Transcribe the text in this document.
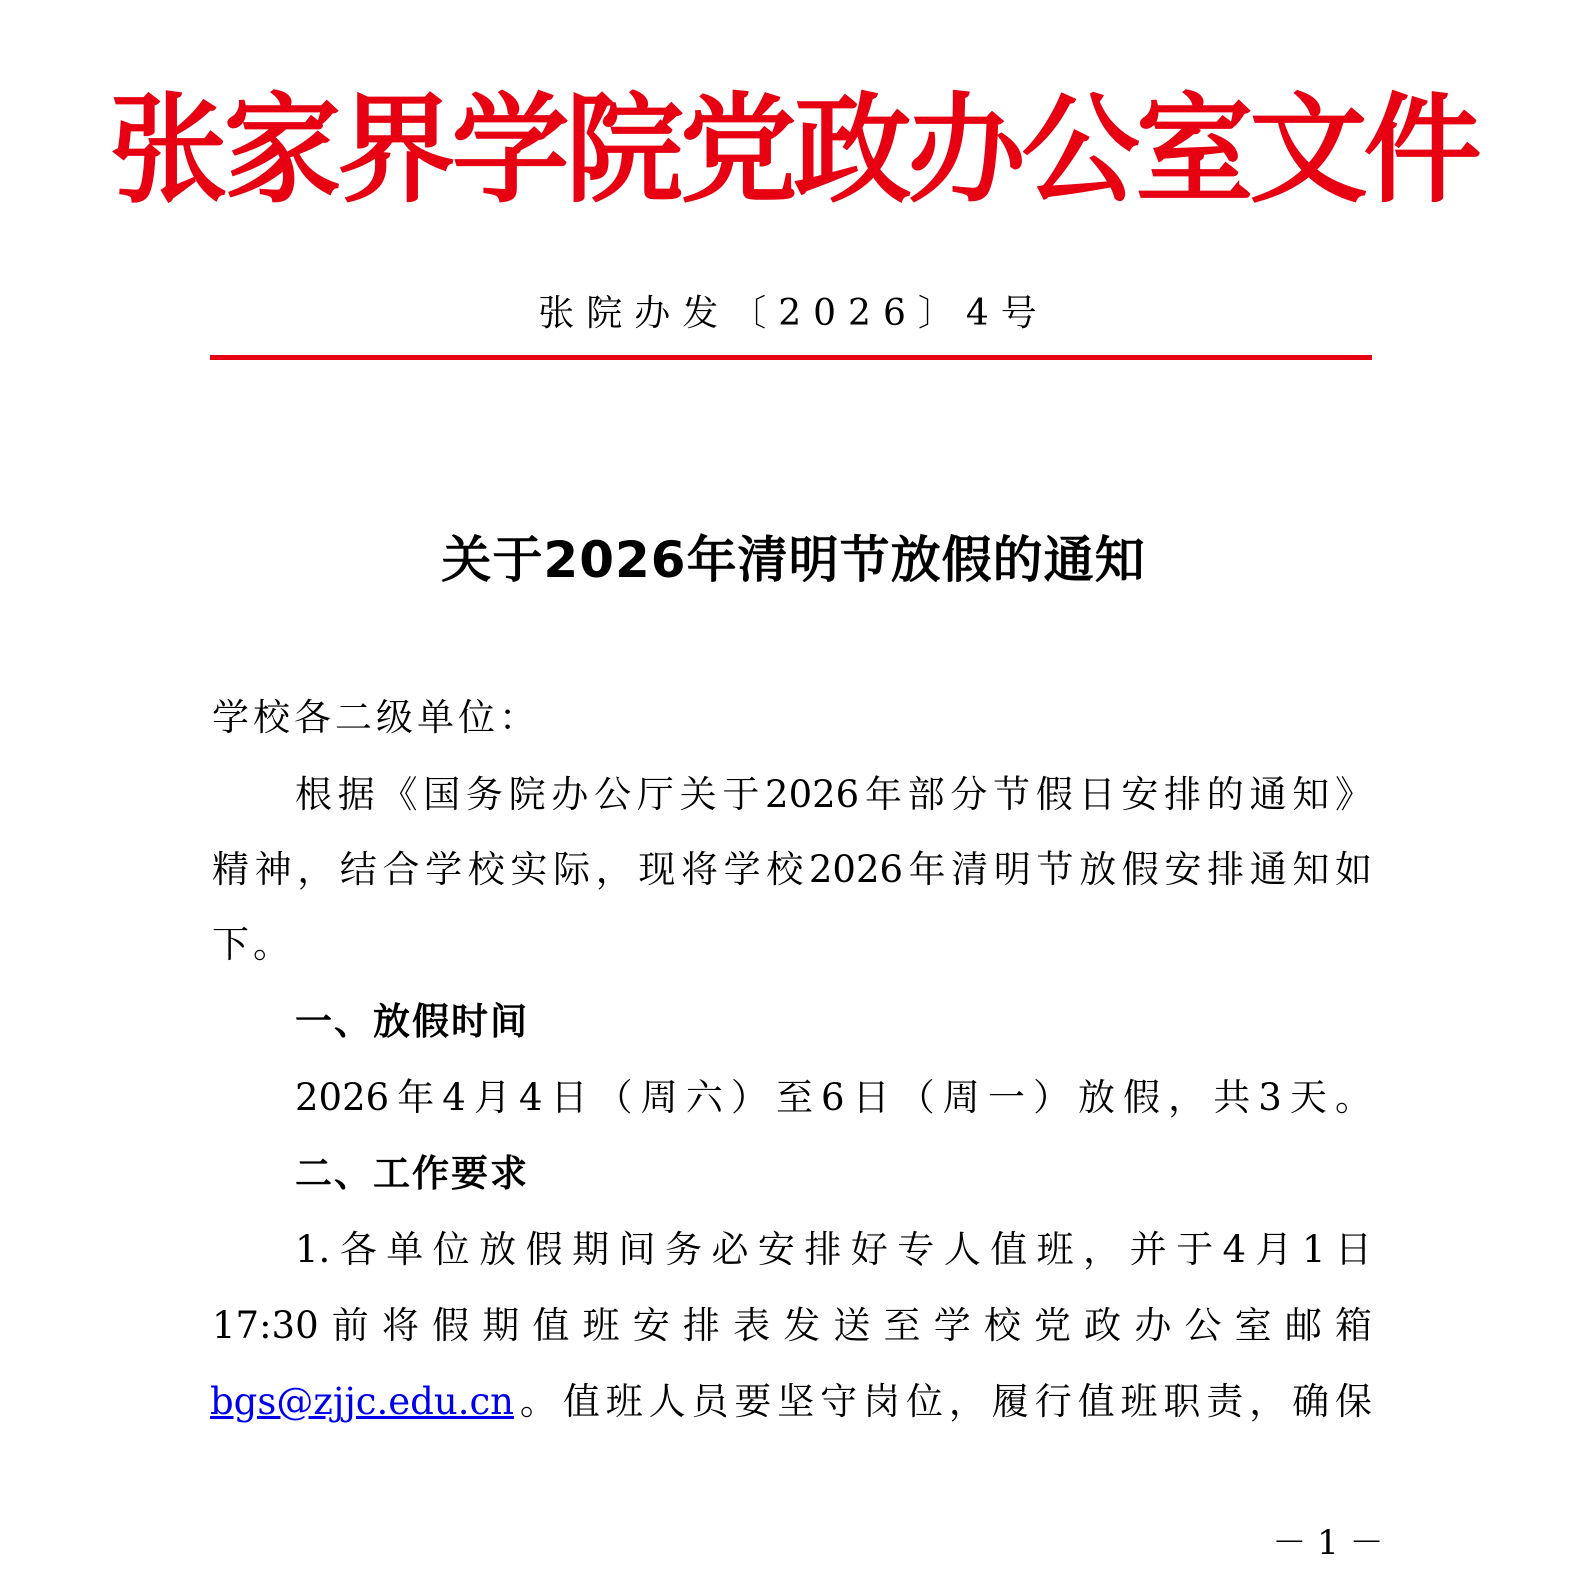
张家界学院党政办公室文件
张院办发〔2026〕4号
关于2026年清明节放假的通知
学校各二级单位：
根据《国务院办公厅关于2026年部分节假日安排的通知》
精神，结合学校实际，现将学校2026年清明节放假安排通知如
下。
一、放假时间
2026年4月4日（周六）至6日（周一）放假，共3天。
二、工作要求
1.各单位放假期间务必安排好专人值班，并于4月1日
17:30前将假期值班安排表发送至学校党政办公室邮箱
bgs@zjjc.edu.cn。值班人员要坚守岗位，履行值班职责，确保
－ 1 －
